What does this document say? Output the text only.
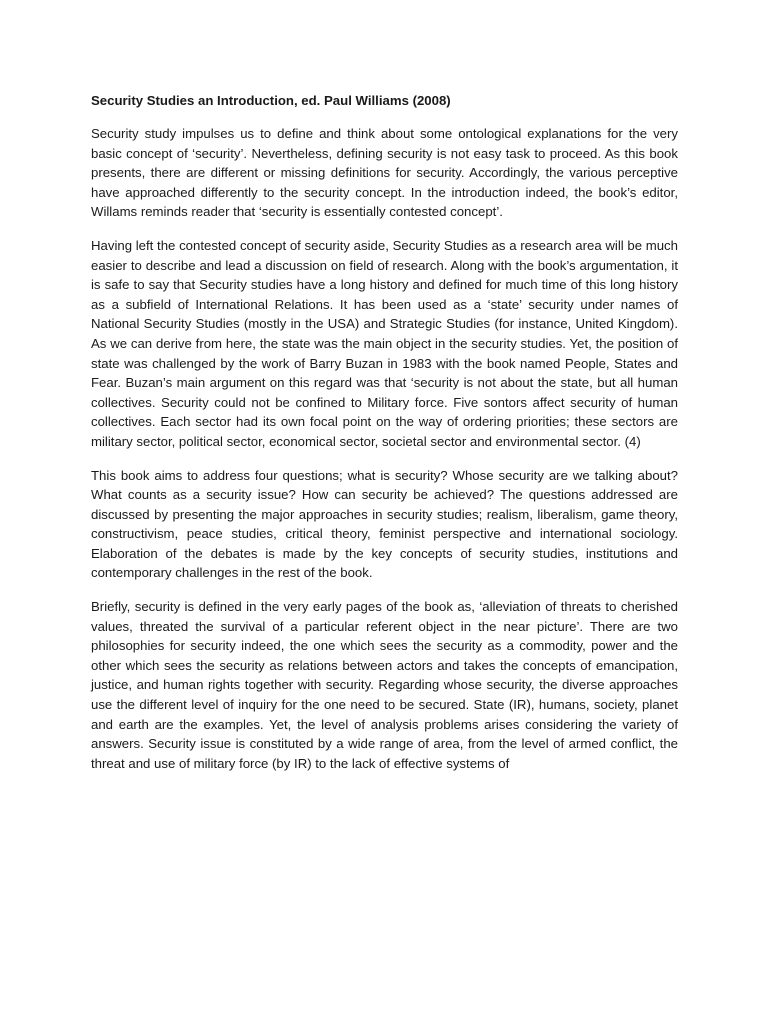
Security Studies an Introduction, ed. Paul Williams (2008)

Security study impulses us to define and think about some ontological explanations for the very basic concept of ‘security’. Nevertheless, defining security is not easy task to proceed. As this book presents, there are different or missing definitions for security. Accordingly, the various perceptive have approached differently to the security concept. In the introduction indeed, the book’s editor, Willams reminds reader that ‘security is essentially contested concept’.

Having left the contested concept of security aside, Security Studies as a research area will be much easier to describe and lead a discussion on field of research. Along with the book’s argumentation, it is safe to say that Security studies have a long history and defined for much time of this long history as a subfield of International Relations. It has been used as a ‘state’ security under names of National Security Studies (mostly in the USA) and Strategic Studies (for instance, United Kingdom). As we can derive from here, the state was the main object in the security studies. Yet, the position of state was challenged by the work of Barry Buzan in 1983 with the book named People, States and Fear. Buzan’s main argument on this regard was that ‘security is not about the state, but all human collectives. Security could not be confined to Military force. Five sontors affect security of human collectives. Each sector had its own focal point on the way of ordering priorities; these sectors are military sector, political sector, economical sector, societal sector and environmental sector. (4)

This book aims to address four questions; what is security? Whose security are we talking about? What counts as a security issue? How can security be achieved? The questions addressed are discussed by presenting the major approaches in security studies; realism, liberalism, game theory, constructivism, peace studies, critical theory, feminist perspective and international sociology. Elaboration of the debates is made by the key concepts of security studies, institutions and contemporary challenges in the rest of the book.

Briefly, security is defined in the very early pages of the book as, ‘alleviation of threats to cherished values, threated the survival of a particular referent object in the near picture’. There are two philosophies for security indeed, the one which sees the security as a commodity, power and the other which sees the security as relations between actors and takes the concepts of emancipation, justice, and human rights together with security. Regarding whose security, the diverse approaches use the different level of inquiry for the one need to be secured. State (IR), humans, society, planet and earth are the examples. Yet, the level of analysis problems arises considering the variety of answers. Security issue is constituted by a wide range of area, from the level of armed conflict, the threat and use of military force (by IR) to the lack of effective systems of
